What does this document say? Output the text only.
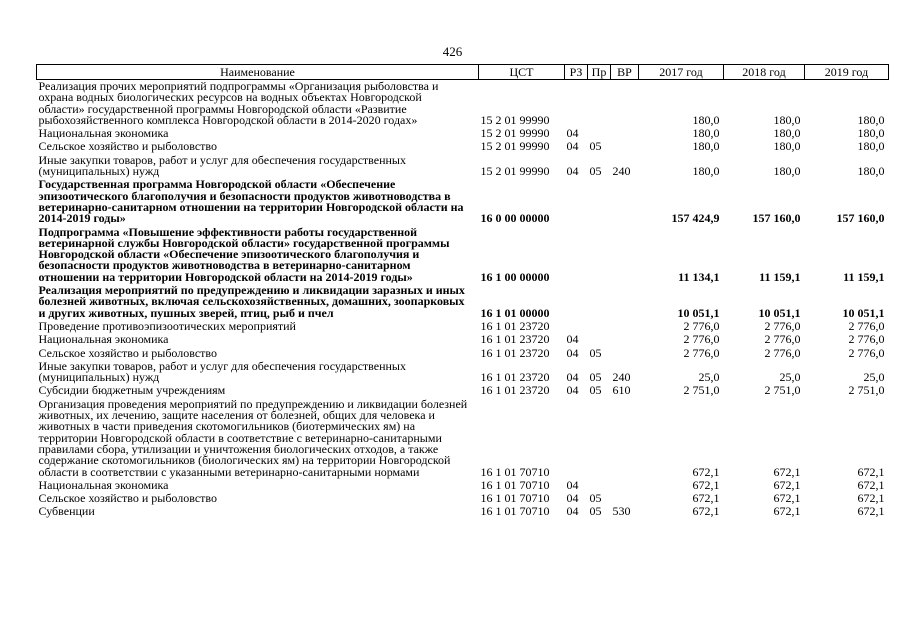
426
Наименование	ЦСТ	РЗ	Пр	ВР	2017 год	2018 год	2019 год
Реализация прочих мероприятий подпрограммы «Организация рыболовства и охрана водных биологических ресурсов на водных объектах Новгородской области» государственной программы Новгородской области «Развитие рыбохозяйственного комплекса Новгородской области в 2014-2020 годах»	15 2 01 99990				180,0	180,0	180,0
Национальная экономика	15 2 01 99990	04			180,0	180,0	180,0
Сельское хозяйство и рыболовство	15 2 01 99990	04	05		180,0	180,0	180,0
Иные закупки товаров, работ и услуг для обеспечения государственных (муниципальных) нужд	15 2 01 99990	04	05	240	180,0	180,0	180,0
Государственная программа Новгородской области «Обеспечение эпизоотического благополучия и безопасности продуктов животноводства в ветеринарно-санитарном отношении на территории Новгородской области на 2014-2019 годы»	16 0 00 00000				157 424,9	157 160,0	157 160,0
Подпрограмма «Повышение эффективности работы государственной ветеринарной службы Новгородской области» государственной программы Новгородской области «Обеспечение эпизоотического благополучия и безопасности продуктов животноводства в ветеринарно-санитарном отношении на территории Новгородской области на 2014-2019 годы»	16 1 00 00000				11 134,1	11 159,1	11 159,1
Реализация мероприятий по предупреждению и ликвидации заразных и иных болезней животных, включая сельскохозяйственных, домашних, зоопарковых и других животных, пушных зверей, птиц, рыб и пчел	16 1 01 00000				10 051,1	10 051,1	10 051,1
Проведение противоэпизоотических мероприятий	16 1 01 23720				2 776,0	2 776,0	2 776,0
Национальная экономика	16 1 01 23720	04			2 776,0	2 776,0	2 776,0
Сельское хозяйство и рыболовство	16 1 01 23720	04	05		2 776,0	2 776,0	2 776,0
Иные закупки товаров, работ и услуг для обеспечения государственных (муниципальных) нужд	16 1 01 23720	04	05	240	25,0	25,0	25,0
Субсидии бюджетным учреждениям	16 1 01 23720	04	05	610	2 751,0	2 751,0	2 751,0
Организация проведения мероприятий по предупреждению и ликвидации болезней животных, их лечению, защите населения от болезней, общих для человека и животных в части приведения скотомогильников (биотермических ям) на территории Новгородской области в соответствие с ветеринарно-санитарными правилами сбора, утилизации и уничтожения биологических отходов, а также содержание скотомогильников (биологических ям) на территории Новгородской области в соответствии с указанными ветеринарно-санитарными нормами	16 1 01 70710				672,1	672,1	672,1
Национальная экономика	16 1 01 70710	04			672,1	672,1	672,1
Сельское хозяйство и рыболовство	16 1 01 70710	04	05		672,1	672,1	672,1
Субвенции	16 1 01 70710	04	05	530	672,1	672,1	672,1
